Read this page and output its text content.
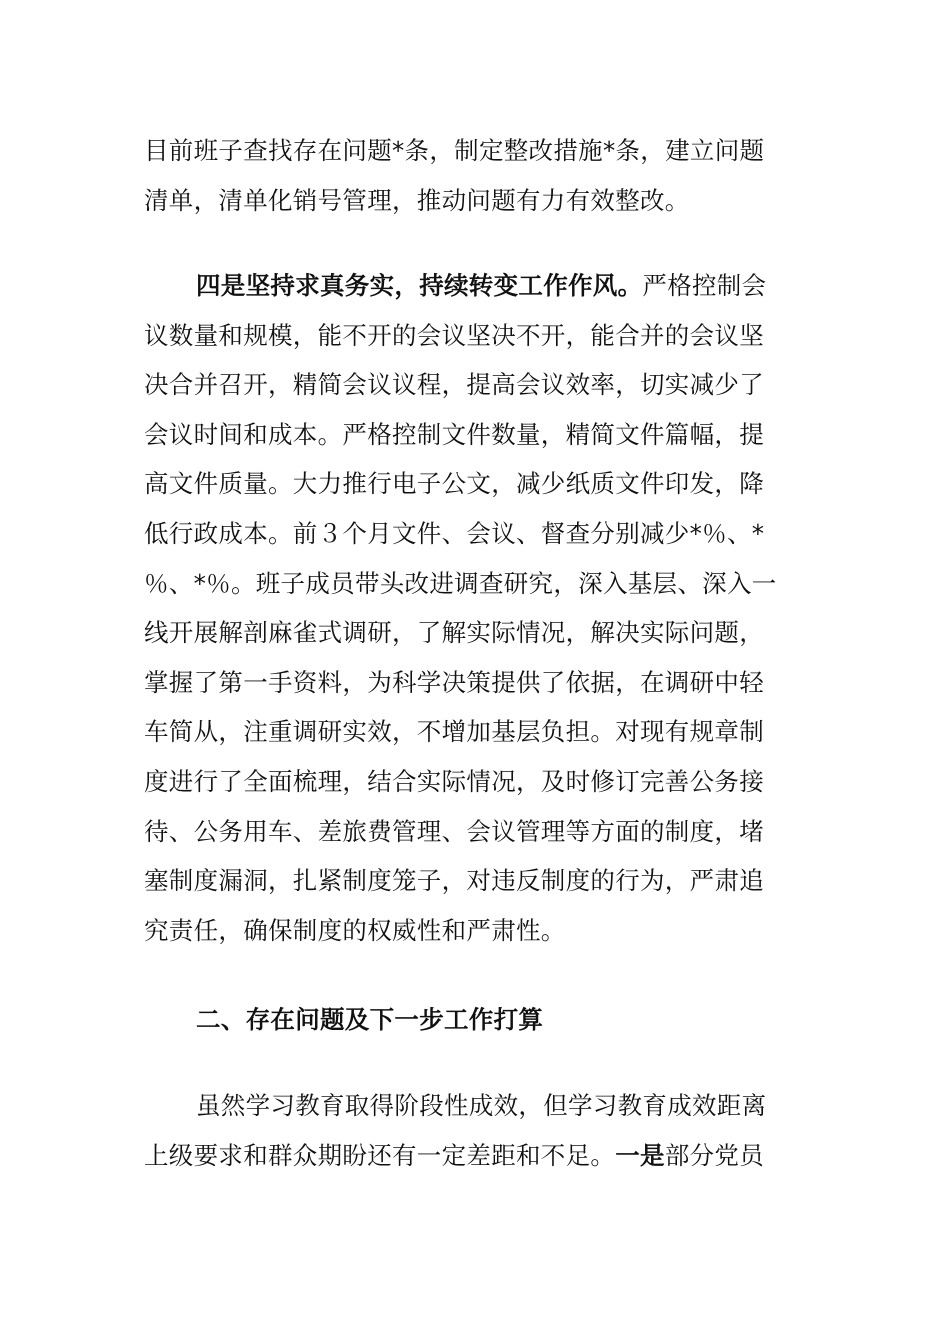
目前班子查找存在问题*条，制定整改措施*条，建立问题
清单，清单化销号管理，推动问题有力有效整改。
四是坚持求真务实，持续转变工作作风。严格控制会
议数量和规模，能不开的会议坚决不开，能合并的会议坚
决合并召开，精简会议议程，提高会议效率，切实减少了
会议时间和成本。严格控制文件数量，精简文件篇幅，提
高文件质量。大力推行电子公文，减少纸质文件印发，降
低行政成本。前３个月文件、会议、督查分别减少*％、*
％、*％。班子成员带头改进调查研究，深入基层、深入一
线开展解剖麻雀式调研，了解实际情况，解决实际问题，
掌握了第一手资料，为科学决策提供了依据，在调研中轻
车简从，注重调研实效，不增加基层负担。对现有规章制
度进行了全面梳理，结合实际情况，及时修订完善公务接
待、公务用车、差旅费管理、会议管理等方面的制度，堵
塞制度漏洞，扎紧制度笼子，对违反制度的行为，严肃追
究责任，确保制度的权威性和严肃性。
二、存在问题及下一步工作打算
虽然学习教育取得阶段性成效，但学习教育成效距离
上级要求和群众期盼还有一定差距和不足。一是部分党员
